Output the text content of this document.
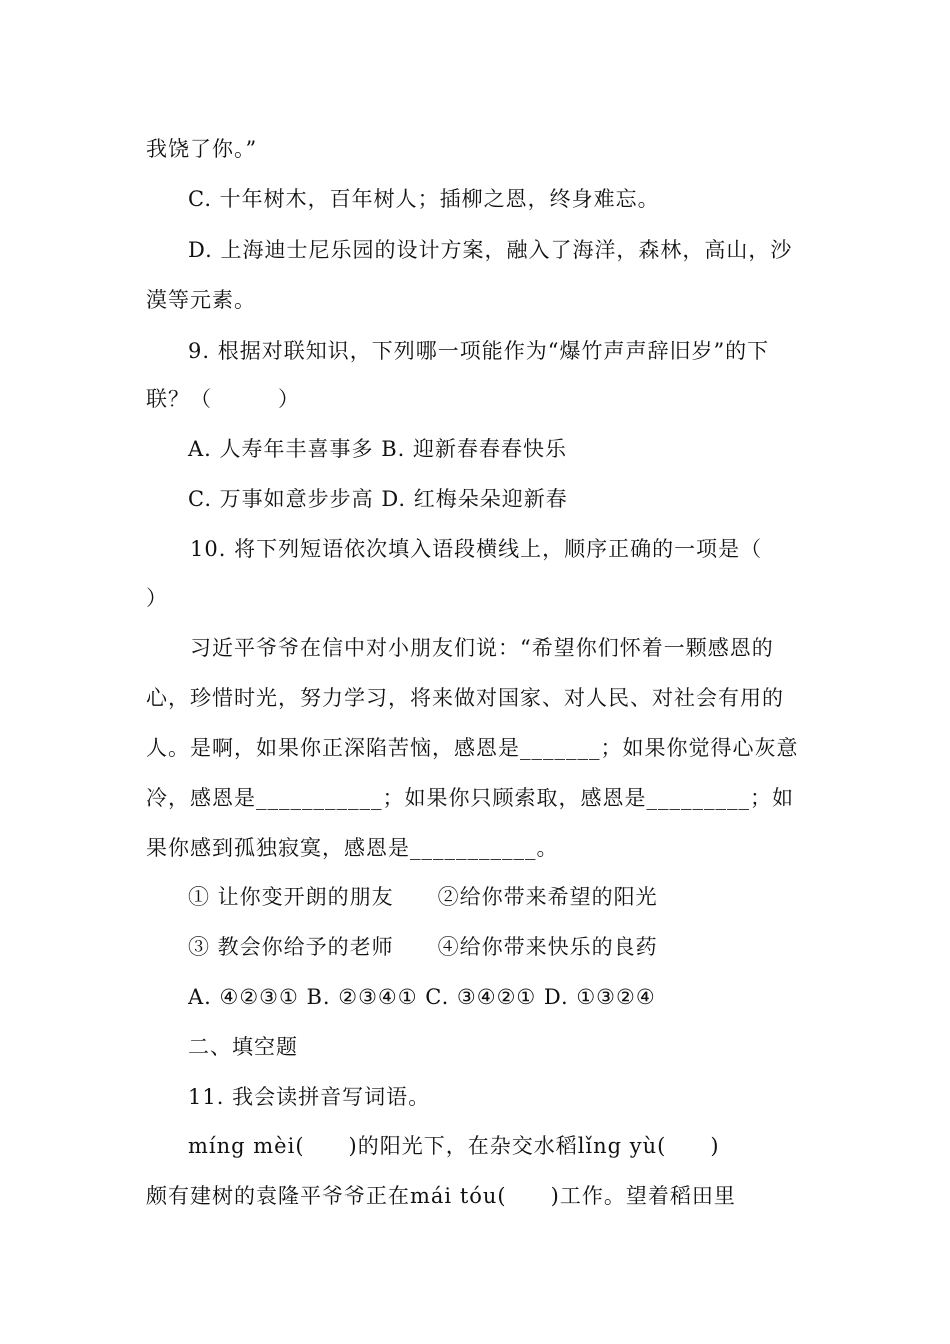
我饶了你。”
C. 十年树木，百年树人；插柳之恩，终身难忘。
D. 上海迪士尼乐园的设计方案，融入了海洋，森林，高山，沙
漠等元素。
9. 根据对联知识，下列哪一项能作为“爆竹声声辞旧岁”的下
联？（　　　）
A. 人寿年丰喜事多 B. 迎新春春春快乐
C. 万事如意步步高 D. 红梅朵朵迎新春
10. 将下列短语依次填入语段横线上，顺序正确的一项是（
）
习近平爷爷在信中对小朋友们说：“希望你们怀着一颗感恩的
心，珍惜时光，努力学习，将来做对国家、对人民、对社会有用的
人。是啊，如果你正深陷苦恼，感恩是_______；如果你觉得心灰意
冷，感恩是___________；如果你只顾索取，感恩是_________；如
果你感到孤独寂寞，感恩是___________。
① 让你变开朗的朋友　　②给你带来希望的阳光
③ 教会你给予的老师　　④给你带来快乐的良药
A. ④②③① B. ②③④① C. ③④②① D. ①③②④
二、填空题
11. 我会读拼音写词语。
míng mèi(　　)的阳光下，在杂交水稻lǐng yù(　　)
颇有建树的袁隆平爷爷正在mái tóu(　　)工作。望着稻田里
